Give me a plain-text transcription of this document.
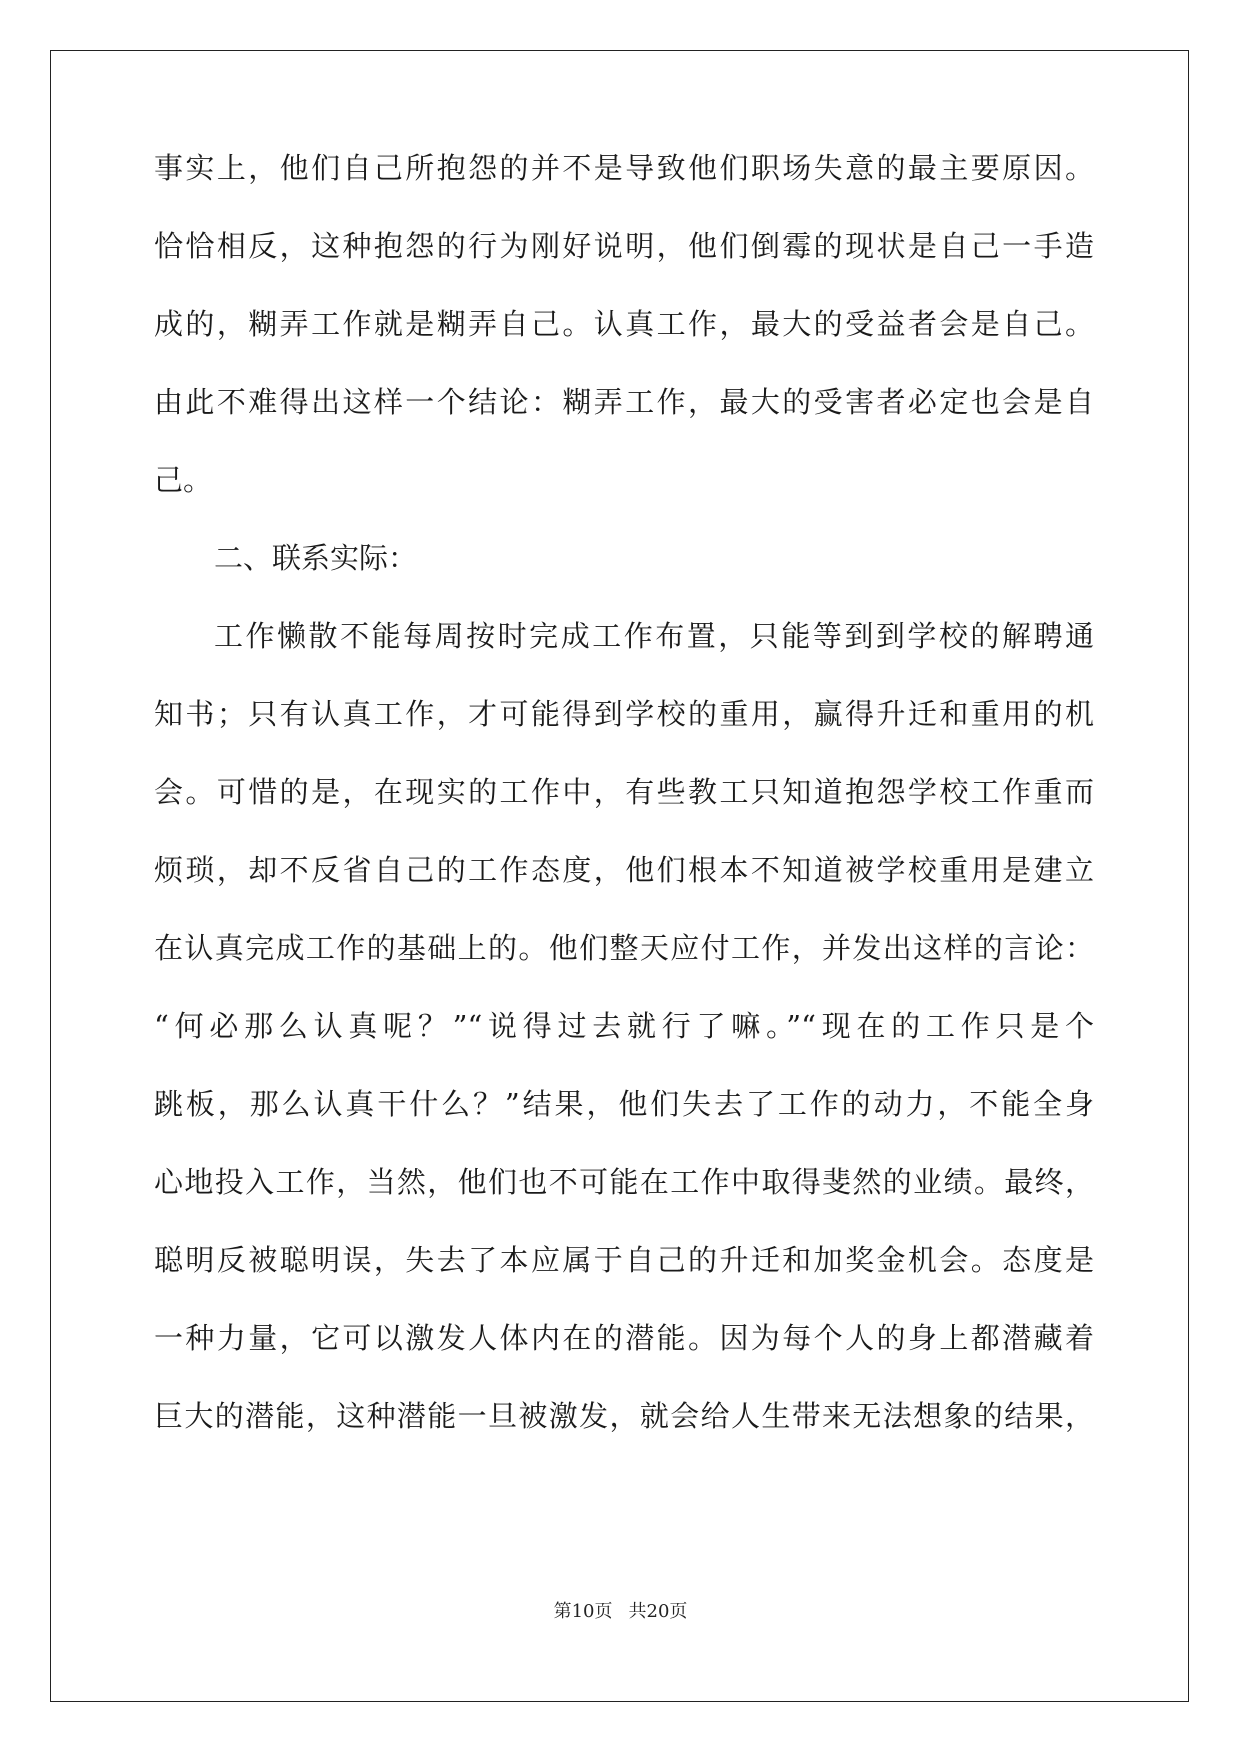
事实上，他们自己所抱怨的并不是导致他们职场失意的最主要原因。
恰恰相反，这种抱怨的行为刚好说明，他们倒霉的现状是自己一手造
成的，糊弄工作就是糊弄自己。认真工作，最大的受益者会是自己。
由此不难得出这样一个结论：糊弄工作，最大的受害者必定也会是自
己。
二、联系实际：
工作懒散不能每周按时完成工作布置，只能等到到学校的解聘通
知书；只有认真工作，才可能得到学校的重用，赢得升迁和重用的机
会。可惜的是，在现实的工作中，有些教工只知道抱怨学校工作重而
烦琐，却不反省自己的工作态度，他们根本不知道被学校重用是建立
在认真完成工作的基础上的。他们整天应付工作，并发出这样的言论：
“何必那么认真呢？”“说得过去就行了嘛。”“现在的工作只是个
跳板，那么认真干什么？”结果，他们失去了工作的动力，不能全身
心地投入工作，当然，他们也不可能在工作中取得斐然的业绩。最终，
聪明反被聪明误，失去了本应属于自己的升迁和加奖金机会。态度是
一种力量，它可以激发人体内在的潜能。因为每个人的身上都潜藏着
巨大的潜能，这种潜能一旦被激发，就会给人生带来无法想象的结果，
第10页 共20页
